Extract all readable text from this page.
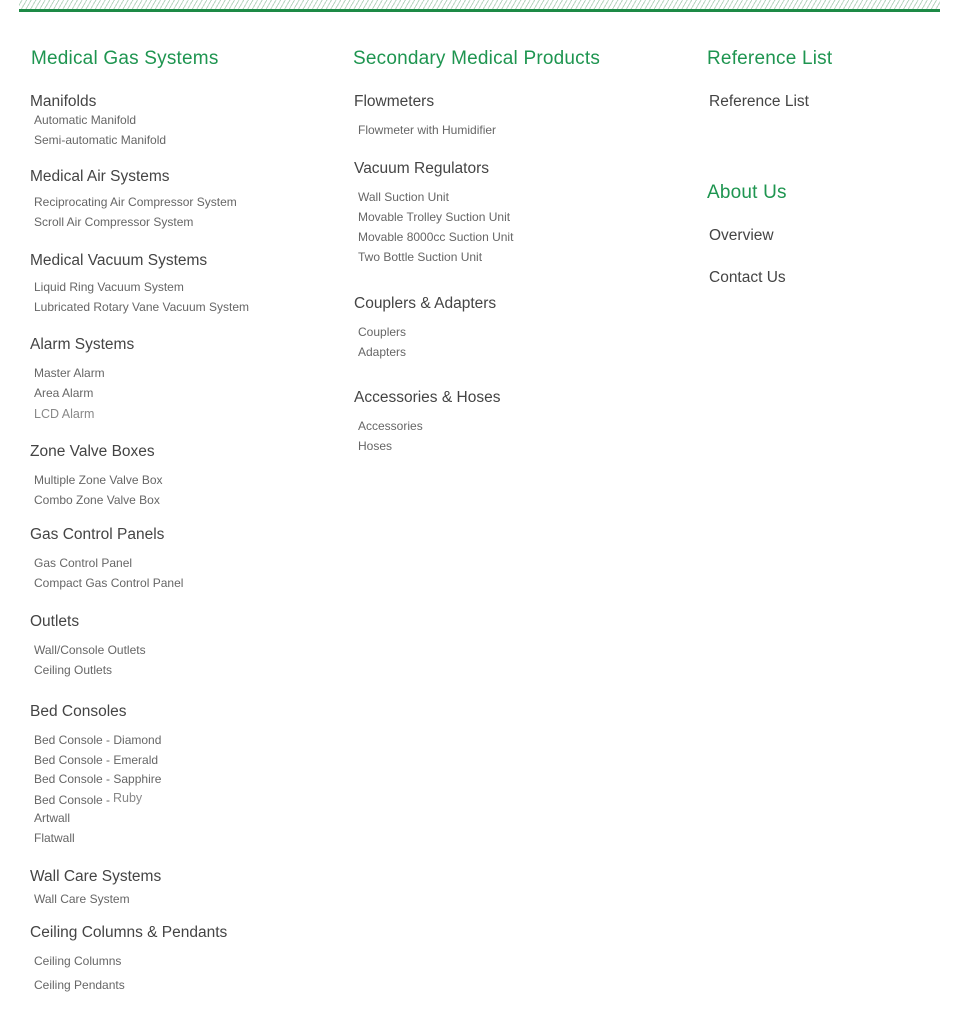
Medical Gas Systems
Manifolds
Automatic Manifold
Semi-automatic Manifold
Medical Air Systems
Reciprocating Air Compressor System
Scroll Air Compressor System
Medical Vacuum Systems
Liquid Ring Vacuum System
Lubricated Rotary Vane Vacuum System
Alarm Systems
Master Alarm
Area Alarm
LCD Alarm
Zone Valve Boxes
Multiple Zone Valve Box
Combo Zone Valve Box
Gas Control Panels
Gas Control Panel
Compact Gas Control Panel
Outlets
Wall/Console Outlets
Ceiling Outlets
Bed Consoles
Bed Console - Diamond
Bed Console - Emerald
Bed Console - Sapphire
Bed Console - Ruby
Artwall
Flatwall
Wall Care Systems
Wall Care System
Ceiling Columns & Pendants
Ceiling Columns
Ceiling Pendants
Secondary Medical Products
Flowmeters
Flowmeter with Humidifier
Vacuum Regulators
Wall Suction Unit
Movable Trolley Suction Unit
Movable 8000cc Suction Unit
Two Bottle Suction Unit
Couplers & Adapters
Couplers
Adapters
Accessories & Hoses
Accessories
Hoses
Reference List
Reference List
About Us
Overview
Contact Us
